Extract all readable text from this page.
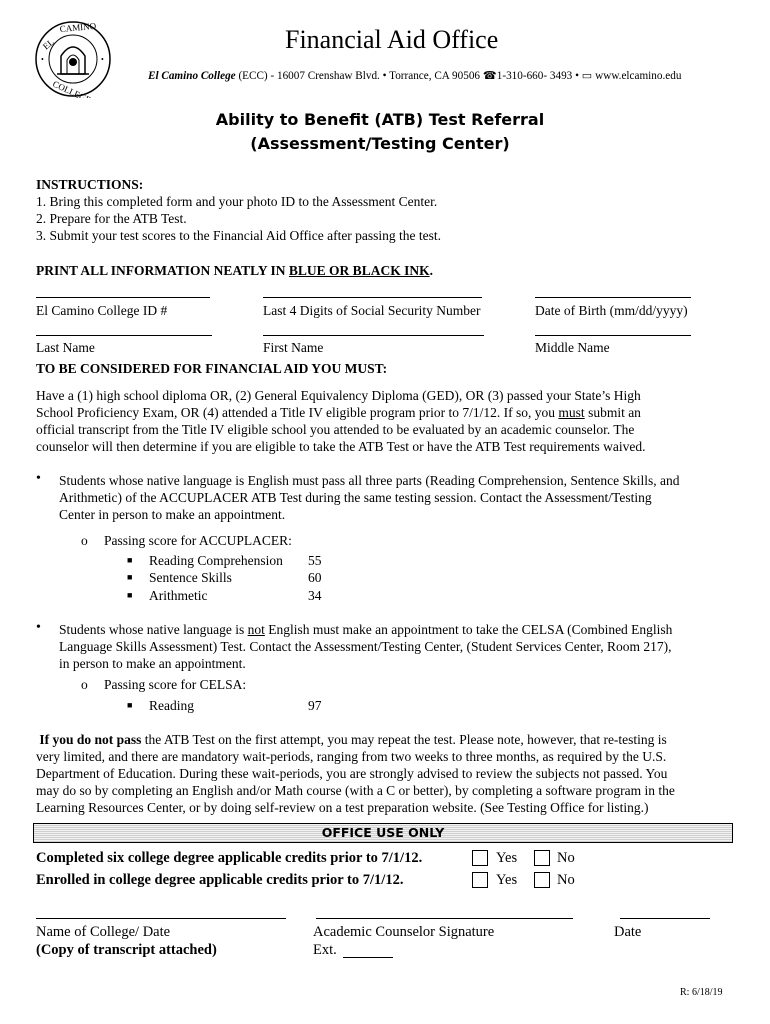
EL
CAMINO
COLLEGE
•	•
Financial Aid Office
El Camino College (ECC) - 16007 Crenshaw Blvd. • Torrance, CA 90506 ☎1-310-660- 3493 • ▭ www.elcamino.edu
Ability to Benefit (ATB) Test Referral
(Assessment/Testing Center)
INSTRUCTIONS:
1. Bring this completed form and your photo ID to the Assessment Center.
2. Prepare for the ATB Test.
3. Submit your test scores to the Financial Aid Office after passing the test.
PRINT ALL INFORMATION NEATLY IN BLUE OR BLACK INK.
El Camino College ID #	Last 4 Digits of Social Security Number	Date of Birth (mm/dd/yyyy)
Last Name	First Name	Middle Name
TO BE CONSIDERED FOR FINANCIAL AID YOU MUST:
Have a (1) high school diploma OR, (2) General Equivalency Diploma (GED), OR (3) passed your State’s High
School Proficiency Exam, OR (4) attended a Title IV eligible program prior to 7/1/12. If so, you must submit an
official transcript from the Title IV eligible school you attended to be evaluated by an academic counselor. The
counselor will then determine if you are eligible to take the ATB Test or have the ATB Test requirements waived.
• Students whose native language is English must pass all three parts (Reading Comprehension, Sentence Skills, and
Arithmetic) of the ACCUPLACER ATB Test during the same testing session. Contact the Assessment/Testing
Center in person to make an appointment.
o Passing score for ACCUPLACER:
■ Reading Comprehension 55
■ Sentence Skills	60
■ Arithmetic	34
• Students whose native language is not English must make an appointment to take the CELSA (Combined English
Language Skills Assessment) Test. Contact the Assessment/Testing Center, (Student Services Center, Room 217),
in person to make an appointment.
o Passing score for CELSA:
■ Reading	97
If you do not pass the ATB Test on the first attempt, you may repeat the test. Please note, however, that re-testing is
very limited, and there are mandatory wait-periods, ranging from two weeks to three months, as required by the U.S.
Department of Education. During these wait-periods, you are strongly advised to review the subjects not passed. You
may do so by completing an English and/or Math course (with a C or better), by completing a software program in the
Learning Resources Center, or by doing self-review on a test preparation website. (See Testing Office for listing.)
OFFICE USE ONLY
Completed six college degree applicable credits prior to 7/1/12.
Enrolled in college degree applicable credits prior to 7/1/12.
Yes	No
Yes	No
Name of College/ Date
(Copy of transcript attached)
Academic Counselor Signature
Ext.
Date
R: 6/18/19
